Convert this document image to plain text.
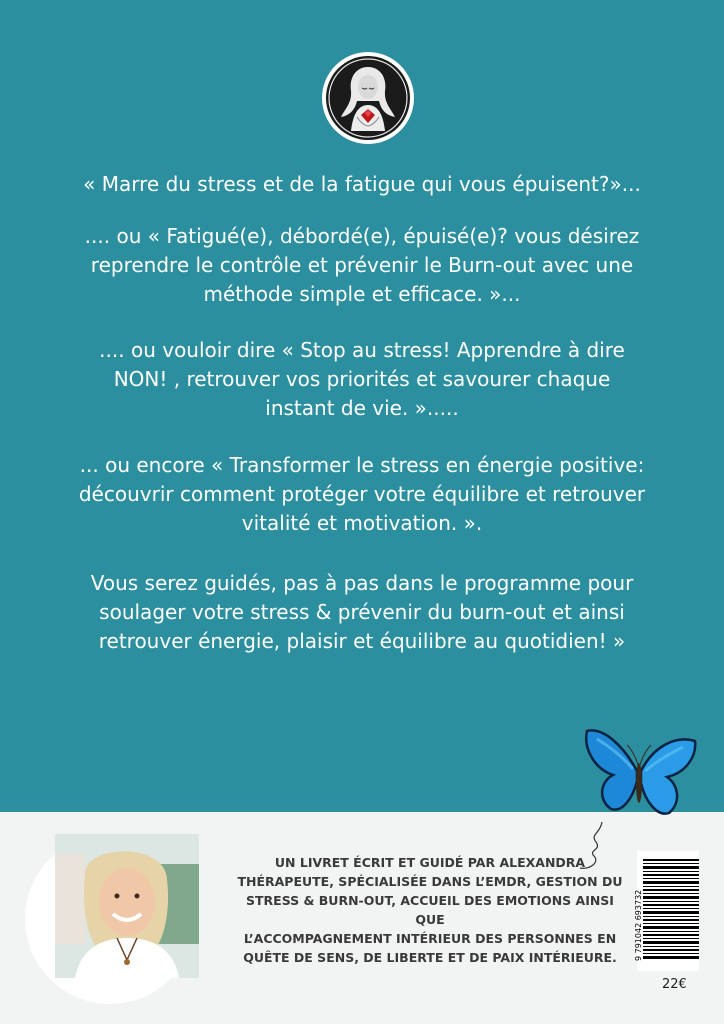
« Marre du stress et de la fatigue qui vous épuisent?»...

.... ou « Fatigué(e), débordé(e), épuisé(e)? vous désirez
reprendre le contrôle et prévenir le Burn-out avec une
méthode simple et efficace. »...

.... ou vouloir dire « Stop au stress! Apprendre à dire
NON! , retrouver vos priorités et savourer chaque
instant de vie. ».....

... ou encore « Transformer le stress en énergie positive:
découvrir comment protéger votre équilibre et retrouver
vitalité et motivation. ».

Vous serez guidés, pas à pas dans le programme pour
soulager votre stress & prévenir du burn-out et ainsi
retrouver énergie, plaisir et équilibre au quotidien! »

UN LIVRET ÉCRIT ET GUIDÉ PAR ALEXANDRA
THÉRAPEUTE, SPÉCIALISÉE DANS L’EMDR, GESTION DU
STRESS & BURN-OUT, ACCUEIL DES EMOTIONS AINSI QUE
L’ACCOMPAGNEMENT INTÉRIEUR DES PERSONNES EN
QUÊTE DE SENS, DE LIBERTE ET DE PAIX INTÉRIEURE.	9 791042 693732
22€
